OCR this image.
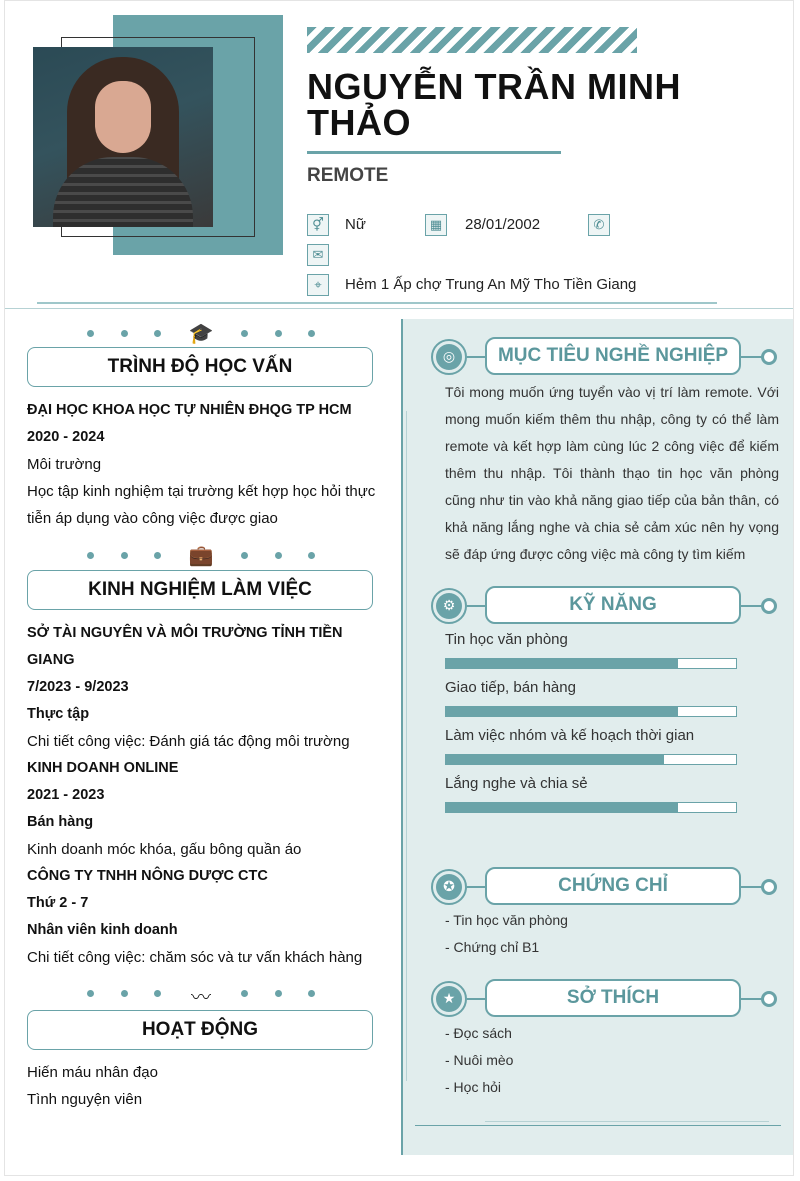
NGUYỄN TRẦN MINH THẢO
REMOTE
⚥	Nữ	▦	28/01/2002	✆
✉
⌖	Hẻm 1 Ấp chợ Trung An Mỹ Tho Tiền Giang
🎓
TRÌNH ĐỘ HỌC VẤN
ĐẠI HỌC KHOA HỌC TỰ NHIÊN ĐHQG TP HCM
2020 - 2024
Môi trường
Học tập kinh nghiệm tại trường kết hợp học hỏi thực tiễn áp dụng vào công việc được giao
💼
KINH NGHIỆM LÀM VIỆC
SỞ TÀI NGUYÊN VÀ MÔI TRƯỜNG TỈNH TIỀN GIANG
7/2023 - 9/2023
Thực tập
Chi tiết công việc: Đánh giá tác động môi trường
KINH DOANH ONLINE
2021 - 2023
Bán hàng
Kinh doanh móc khóa, gấu bông quần áo
CÔNG TY TNHH NÔNG DƯỢC CTC
Thứ 2 - 7
Nhân viên kinh doanh
Chi tiết công việc: chăm sóc và tư vấn khách hàng
〰
HOẠT ĐỘNG
Hiến máu nhân đạo
Tình nguyện viên
◎	MỤC TIÊU NGHỀ NGHIỆP
Tôi mong muốn ứng tuyển vào vị trí làm remote. Với mong muốn kiếm thêm thu nhập, công ty có thể làm remote và kết hợp làm cùng lúc 2 công việc để kiếm thêm thu nhập. Tôi thành thạo tin học văn phòng cũng như tin vào khả năng giao tiếp của bản thân, có khả năng lắng nghe và chia sẻ cảm xúc nên hy vọng sẽ đáp ứng được công việc mà công ty tìm kiếm
⚙	KỸ NĂNG
Tin học văn phòng
Giao tiếp, bán hàng
Làm việc nhóm và kế hoạch thời gian
Lắng nghe và chia sẻ
✪	CHỨNG CHỈ
- Tin học văn phòng
- Chứng chỉ B1
★	SỞ THÍCH
- Đọc sách
- Nuôi mèo
- Học hỏi
